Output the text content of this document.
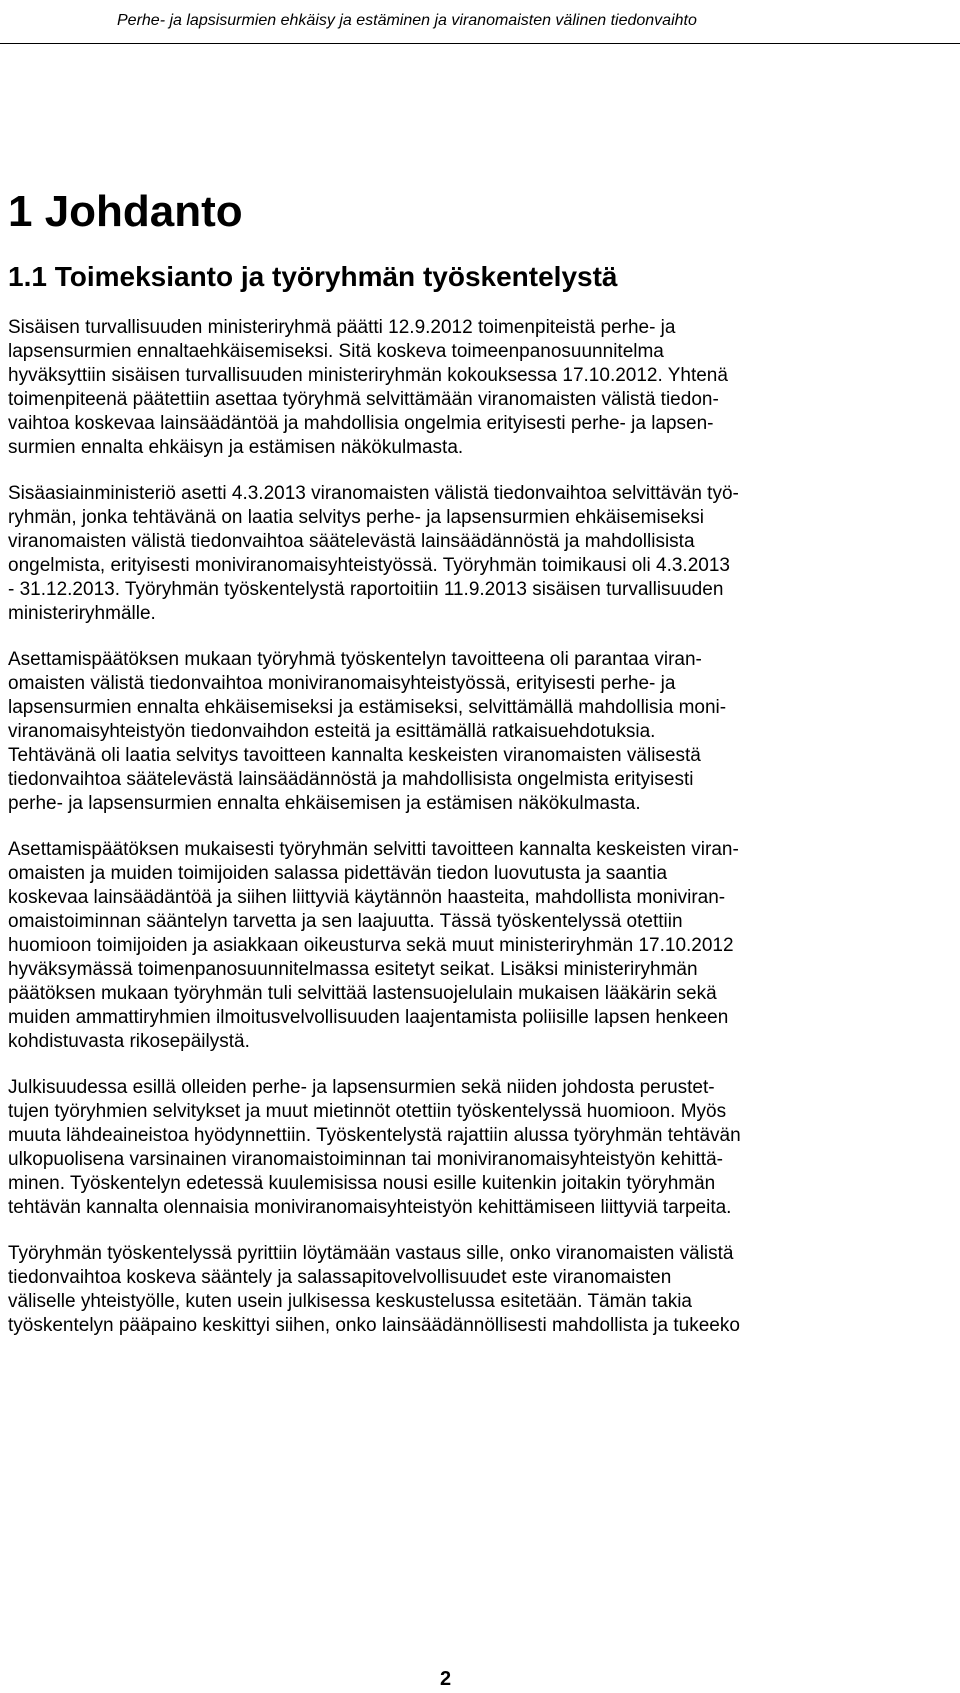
Perhe- ja lapsisurmien ehkäisy ja estäminen ja viranomaisten välinen tiedonvaihto
1 Johdanto
1.1 Toimeksianto ja työryhmän työskentelystä

Sisäisen turvallisuuden ministeriryhmä päätti 12.9.2012 toimenpiteistä perhe- ja
lapsensurmien ennaltaehkäisemiseksi. Sitä koskeva toimeenpanosuunnitelma
hyväksyttiin sisäisen turvallisuuden ministeriryhmän kokouksessa 17.10.2012. Yhtenä
toimenpiteenä päätettiin asettaa työryhmä selvittämään viranomaisten välistä tiedon-
vaihtoa koskevaa lainsäädäntöä ja mahdollisia ongelmia erityisesti perhe- ja lapsen-
surmien ennalta ehkäisyn ja estämisen näkökulmasta.

Sisäasiainministeriö asetti 4.3.2013 viranomaisten välistä tiedonvaihtoa selvittävän työ-
ryhmän, jonka tehtävänä on laatia selvitys perhe- ja lapsensurmien ehkäisemiseksi
viranomaisten välistä tiedonvaihtoa säätelevästä lainsäädännöstä ja mahdollisista
ongelmista, erityisesti moniviranomaisyhteistyössä. Työryhmän toimikausi oli 4.3.2013
- 31.12.2013. Työryhmän työskentelystä raportoitiin 11.9.2013 sisäisen turvallisuuden
ministeriryhmälle.

Asettamispäätöksen mukaan työryhmä työskentelyn tavoitteena oli parantaa viran-
omaisten välistä tiedonvaihtoa moniviranomaisyhteistyössä, erityisesti perhe- ja
lapsensurmien ennalta ehkäisemiseksi ja estämiseksi, selvittämällä mahdollisia moni-
viranomaisyhteistyön tiedonvaihdon esteitä ja esittämällä ratkaisuehdotuksia.
Tehtävänä oli laatia selvitys tavoitteen kannalta keskeisten viranomaisten välisestä
tiedonvaihtoa säätelevästä lainsäädännöstä ja mahdollisista ongelmista erityisesti
perhe- ja lapsensurmien ennalta ehkäisemisen ja estämisen näkökulmasta.

Asettamispäätöksen mukaisesti työryhmän selvitti tavoitteen kannalta keskeisten viran-
omaisten ja muiden toimijoiden salassa pidettävän tiedon luovutusta ja saantia
koskevaa lainsäädäntöä ja siihen liittyviä käytännön haasteita, mahdollista moniviran-
omaistoiminnan sääntelyn tarvetta ja sen laajuutta. Tässä työskentelyssä otettiin
huomioon toimijoiden ja asiakkaan oikeusturva sekä muut ministeriryhmän 17.10.2012
hyväksymässä toimenpanosuunnitelmassa esitetyt seikat. Lisäksi ministeriryhmän
päätöksen mukaan työryhmän tuli selvittää lastensuojelulain mukaisen lääkärin sekä
muiden ammattiryhmien ilmoitusvelvollisuuden laajentamista poliisille lapsen henkeen
kohdistuvasta rikosepäilystä.

Julkisuudessa esillä olleiden perhe- ja lapsensurmien sekä niiden johdosta perustet-
tujen työryhmien selvitykset ja muut mietinnöt otettiin työskentelyssä huomioon. Myös
muuta lähdeaineistoa hyödynnettiin. Työskentelystä rajattiin alussa työryhmän tehtävän
ulkopuolisena varsinainen viranomaistoiminnan tai moniviranomaisyhteistyön kehittä-
minen. Työskentelyn edetessä kuulemisissa nousi esille kuitenkin joitakin työryhmän
tehtävän kannalta olennaisia moniviranomaisyhteistyön kehittämiseen liittyviä tarpeita.

Työryhmän työskentelyssä pyrittiin löytämään vastaus sille, onko viranomaisten välistä
tiedonvaihtoa koskeva sääntely ja salassapitovelvollisuudet este viranomaisten
väliselle yhteistyölle, kuten usein julkisessa keskustelussa esitetään. Tämän takia
työskentelyn pääpaino keskittyi siihen, onko lainsäädännöllisesti mahdollista ja tukeeko

2
